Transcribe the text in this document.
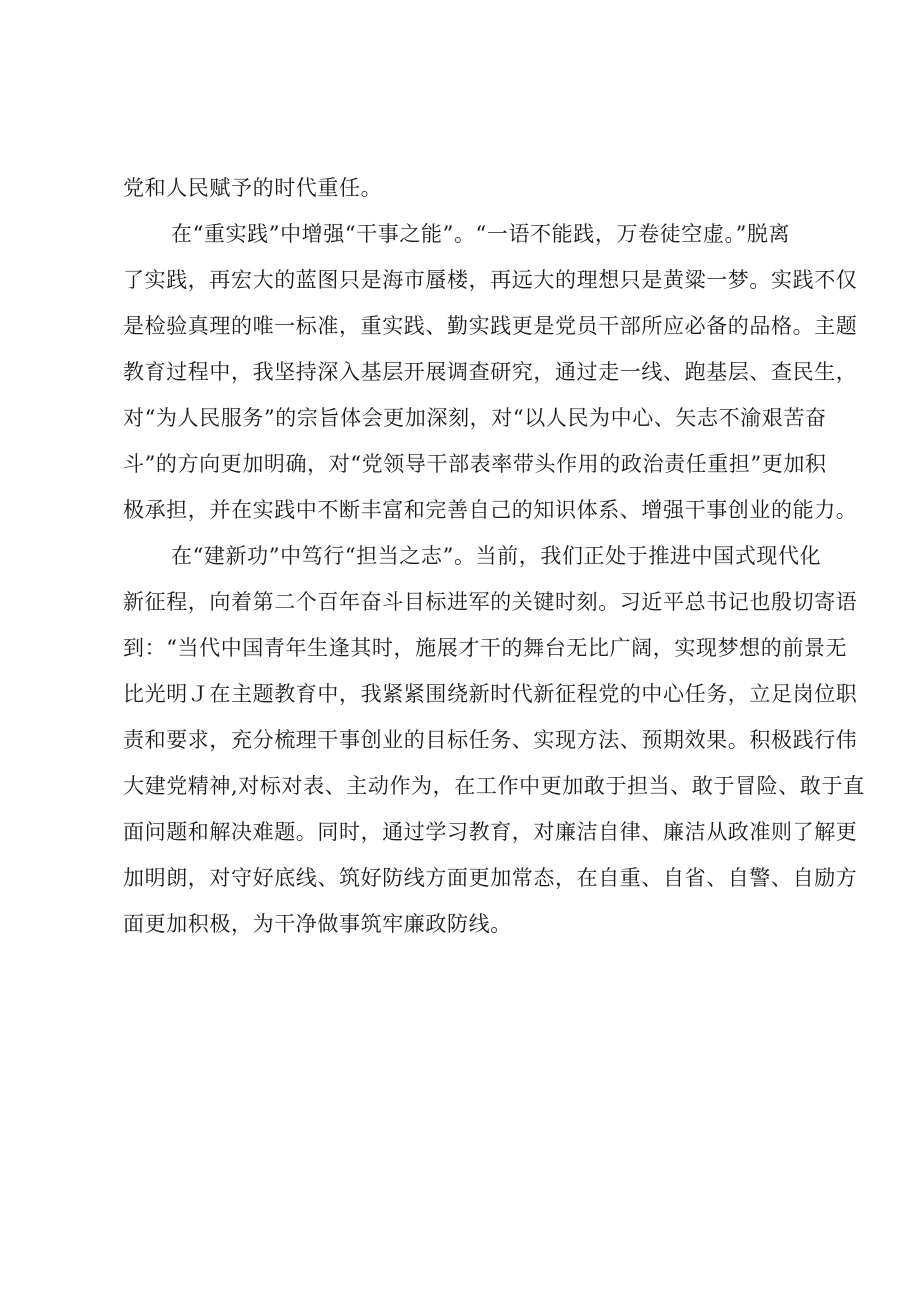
党和人民赋予的时代重任。
在“重实践”中增强“干事之能”。“一语不能践，万卷徒空虚。”脱离
了实践，再宏大的蓝图只是海市蜃楼，再远大的理想只是黄粱一梦。实践不仅
是检验真理的唯一标准，重实践、勤实践更是党员干部所应必备的品格。主题
教育过程中，我坚持深入基层开展调查研究，通过走一线、跑基层、查民生，
对“为人民服务”的宗旨体会更加深刻，对“以人民为中心、矢志不渝艰苦奋
斗”的方向更加明确，对“党领导干部表率带头作用的政治责任重担”更加积
极承担，并在实践中不断丰富和完善自己的知识体系、增强干事创业的能力。
在“建新功”中笃行“担当之志”。当前，我们正处于推进中国式现代化
新征程，向着第二个百年奋斗目标进军的关键时刻。习近平总书记也殷切寄语
到：“当代中国青年生逢其时，施展才干的舞台无比广阔，实现梦想的前景无
比光明Ｊ在主题教育中，我紧紧围绕新时代新征程党的中心任务，立足岗位职
责和要求，充分梳理干事创业的目标任务、实现方法、预期效果。积极践行伟
大建党精神,对标对表、主动作为，在工作中更加敢于担当、敢于冒险、敢于直
面问题和解决难题。同时，通过学习教育，对廉洁自律、廉洁从政准则了解更
加明朗，对守好底线、筑好防线方面更加常态，在自重、自省、自警、自励方
面更加积极，为干净做事筑牢廉政防线。
